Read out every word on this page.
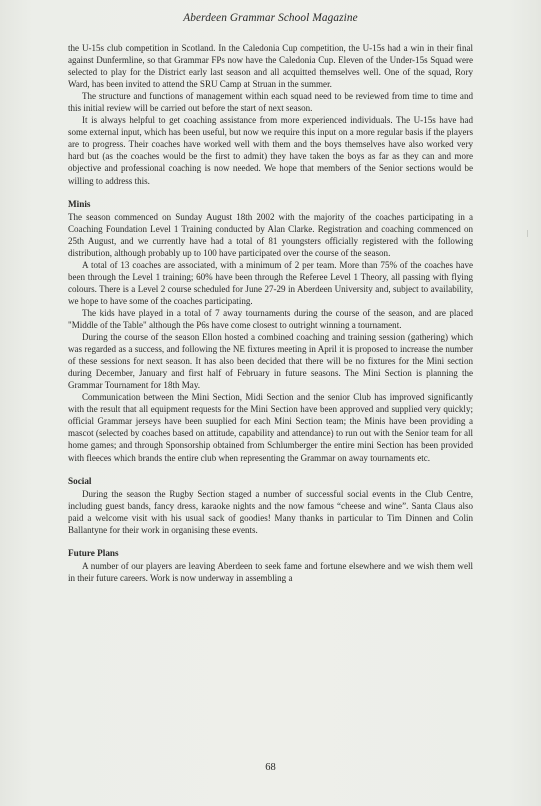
Aberdeen Grammar School Magazine

the U-15s club competition in Scotland. In the Caledonia Cup competition, the U-15s had a win in their final against Dunfermline, so that Grammar FPs now have the Caledonia Cup. Eleven of the Under-15s Squad were selected to play for the District early last season and all acquitted themselves well. One of the squad, Rory Ward, has been invited to attend the SRU Camp at Struan in the summer.

The structure and functions of management within each squad need to be reviewed from time to time and this initial review will be carried out before the start of next season.

It is always helpful to get coaching assistance from more experienced individuals. The U-15s have had some external input, which has been useful, but now we require this input on a more regular basis if the players are to progress. Their coaches have worked well with them and the boys themselves have also worked very hard but (as the coaches would be the first to admit) they have taken the boys as far as they can and more objective and professional coaching is now needed. We hope that members of the Senior sections would be willing to address this.

Minis

The season commenced on Sunday August 18th 2002 with the majority of the coaches participating in a Coaching Foundation Level 1 Training conducted by Alan Clarke. Registration and coaching commenced on 25th August, and we currently have had a total of 81 youngsters officially registered with the following distribution, although probably up to 100 have participated over the course of the season.

A total of 13 coaches are associated, with a minimum of 2 per team. More than 75% of the coaches have been through the Level 1 training; 60% have been through the Referee Level 1 Theory, all passing with flying colours. There is a Level 2 course scheduled for June 27-29 in Aberdeen University and, subject to availability, we hope to have some of the coaches participating.

The kids have played in a total of 7 away tournaments during the course of the season, and are placed "Middle of the Table" although the P6s have come closest to outright winning a tournament.

During the course of the season Ellon hosted a combined coaching and training session (gathering) which was regarded as a success, and following the NE fixtures meeting in April it is proposed to increase the number of these sessions for next season. It has also been decided that there will be no fixtures for the Mini section during December, January and first half of February in future seasons. The Mini Section is planning the Grammar Tournament for 18th May.

Communication between the Mini Section, Midi Section and the senior Club has improved significantly with the result that all equipment requests for the Mini Section have been approved and supplied very quickly; official Grammar jerseys have been suuplied for each Mini Section team; the Minis have been providing a mascot (selected by coaches based on attitude, capability and attendance) to run out with the Senior team for all home games; and through Sponsorship obtained from Schlumberger the entire mini Section has been provided with fleeces which brands the entire club when representing the Grammar on away tournaments etc.

Social

During the season the Rugby Section staged a number of successful social events in the Club Centre, including guest bands, fancy dress, karaoke nights and the now famous “cheese and wine”. Santa Claus also paid a welcome visit with his usual sack of goodies! Many thanks in particular to Tim Dinnen and Colin Ballantyne for their work in organising these events.

Future Plans

A number of our players are leaving Aberdeen to seek fame and fortune elsewhere and we wish them well in their future careers. Work is now underway in assembling a

68
